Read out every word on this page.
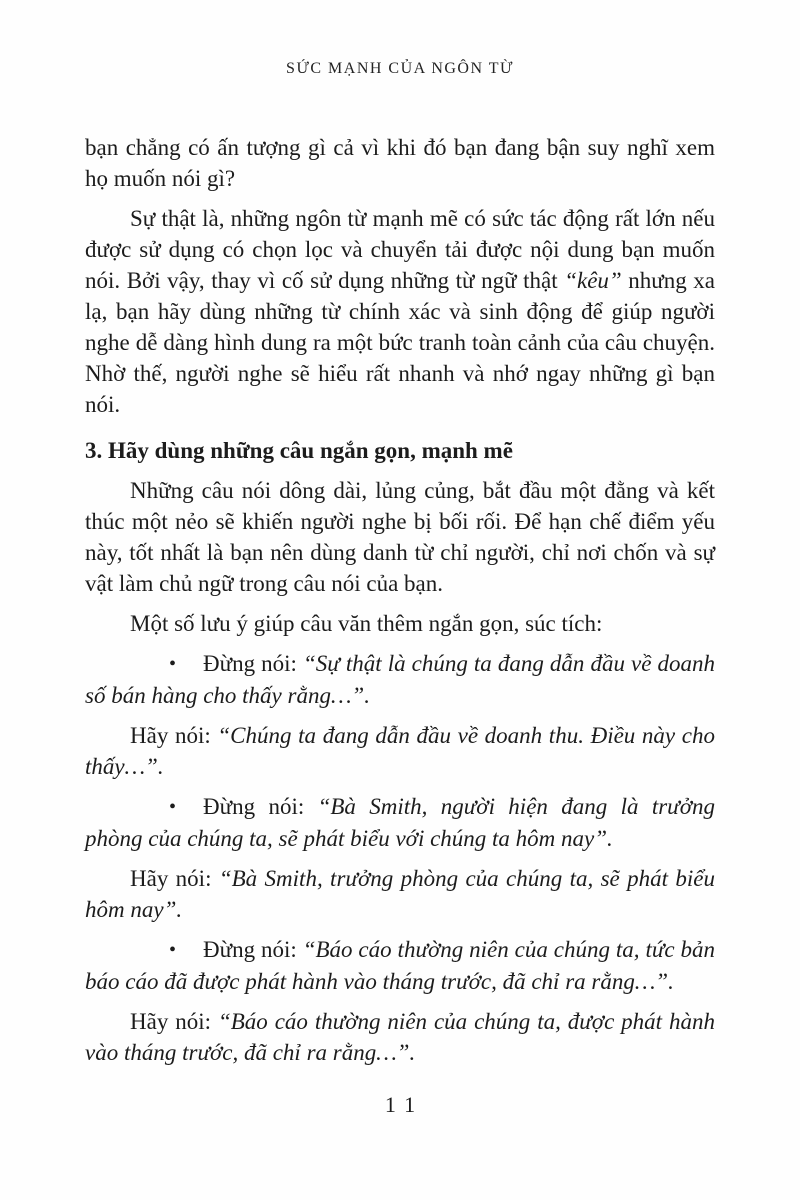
SỨC MẠNH CỦA NGÔN TỪ

bạn chẳng có ấn tượng gì cả vì khi đó bạn đang bận suy nghĩ xem họ muốn nói gì?

Sự thật là, những ngôn từ mạnh mẽ có sức tác động rất lớn nếu được sử dụng có chọn lọc và chuyển tải được nội dung bạn muốn nói. Bởi vậy, thay vì cố sử dụng những từ ngữ thật “kêu” nhưng xa lạ, bạn hãy dùng những từ chính xác và sinh động để giúp người nghe dễ dàng hình dung ra một bức tranh toàn cảnh của câu chuyện. Nhờ thế, người nghe sẽ hiểu rất nhanh và nhớ ngay những gì bạn nói.

3. Hãy dùng những câu ngắn gọn, mạnh mẽ

Những câu nói dông dài, lủng củng, bắt đầu một đằng và kết thúc một nẻo sẽ khiến người nghe bị bối rối. Để hạn chế điểm yếu này, tốt nhất là bạn nên dùng danh từ chỉ người, chỉ nơi chốn và sự vật làm chủ ngữ trong câu nói của bạn.

Một số lưu ý giúp câu văn thêm ngắn gọn, súc tích:

• Đừng nói: “Sự thật là chúng ta đang dẫn đầu về doanh số bán hàng cho thấy rằng…”.

Hãy nói: “Chúng ta đang dẫn đầu về doanh thu. Điều này cho thấy…”.

• Đừng nói: “Bà Smith, người hiện đang là trưởng phòng của chúng ta, sẽ phát biểu với chúng ta hôm nay”.

Hãy nói: “Bà Smith, trưởng phòng của chúng ta, sẽ phát biểu hôm nay”.

• Đừng nói: “Báo cáo thường niên của chúng ta, tức bản báo cáo đã được phát hành vào tháng trước, đã chỉ ra rằng…”.

Hãy nói: “Báo cáo thường niên của chúng ta, được phát hành vào tháng trước, đã chỉ ra rằng…”.

11
